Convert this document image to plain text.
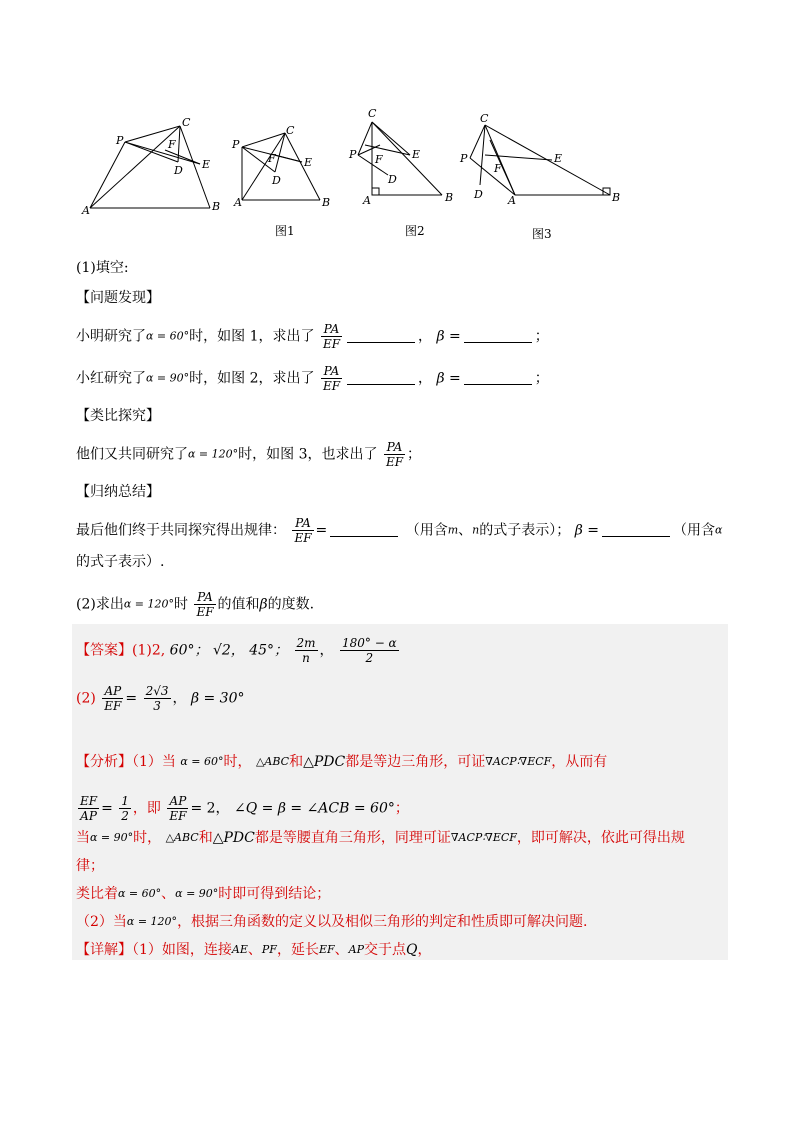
A	B
C
D E
F
P
A	B
C
D
E
F
P
A	B
C
D
E
F
P
A	B
C
D
E
F
P
图1	图2	图3
(1)填空:
【问题发现】
小明研究了α = 60°时，如图 1，求出了 $\frac{PA}{EF}$	， β =	；
小红研究了α = 90°时，如图 2，求出了 $\frac{PA}{EF}$	， β =	；
【类比探究】
他们又共同研究了α = 120°时，如图 3，也求出了 $\frac{PA}{EF}$ ；
【归纳总结】
最后他们终于共同探究得出规律： $\frac{PA}{EF}$ =	（用含m、n的式子表示）； β =	（用含α
的式子表示）.
(2)求出α = 120°时 $\frac{PA}{EF}$ 的值和β的度数.
【答案】(1)2, 60°； √2， 45°； $\frac{2m}{n}$ ， $\frac{180^\circ - \alpha}{2}$
$(2) \frac{AP}{EF} = \frac{2√3}{3}$ ， β = 30°
【分析】（1）当 α = 60°时， △ABC和△PDC都是等边三角形，可证∇ACP∶∇ECF，从而有
$\frac{EF}{AP} = \frac{1}{2}$ ，即 $\frac{AP}{EF} = 2$， ∠Q = β = ∠ACB = 60°；
当α = 90°时， △ABC和△PDC都是等腰直角三角形，同理可证∇ACP∶∇ECF，即可解决，依此可得出规
律；
类比着α = 60°、α = 90°时即可得到结论；
（2）当α = 120°，根据三角函数的定义以及相似三角形的判定和性质即可解决问题.
【详解】（1）如图，连接AE、PF，延长EF、AP交于点Q，
